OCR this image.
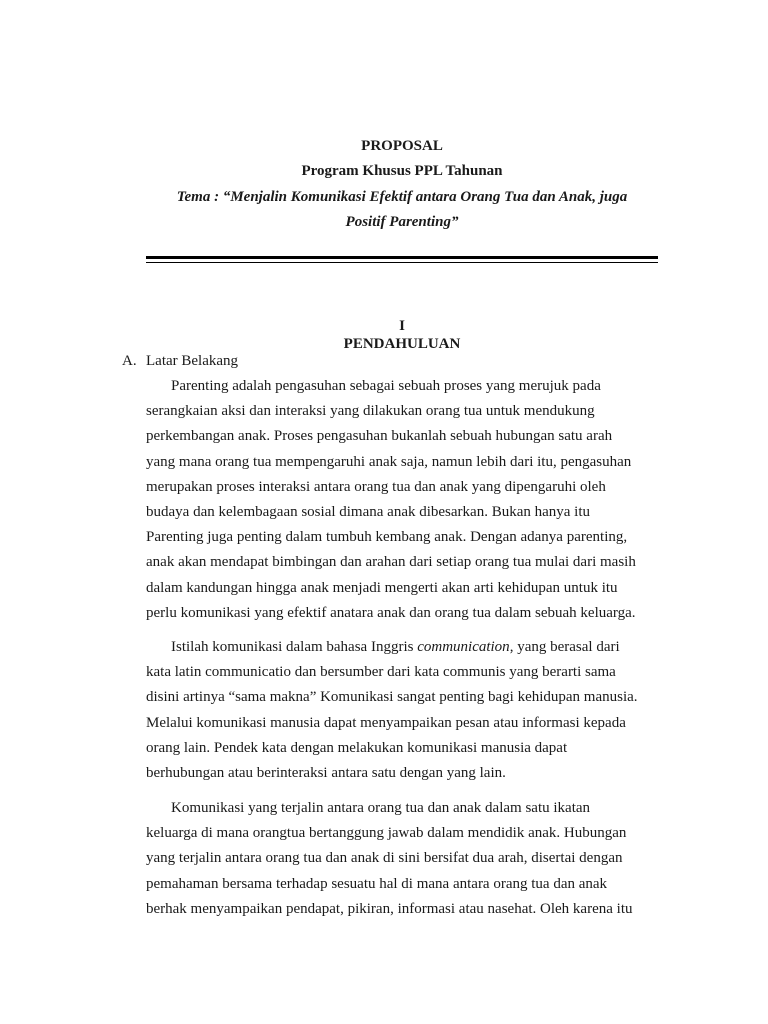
PROPOSAL

Program Khusus PPL Tahunan

Tema : “Menjalin Komunikasi Efektif antara Orang Tua dan Anak, juga

Positif Parenting”

I

PENDAHULUAN

A. Latar Belakang

Parenting adalah pengasuhan sebagai sebuah proses yang merujuk pada
serangkaian aksi dan interaksi yang dilakukan orang tua untuk mendukung
perkembangan anak. Proses pengasuhan bukanlah sebuah hubungan satu arah
yang mana orang tua mempengaruhi anak saja, namun lebih dari itu, pengasuhan
merupakan proses interaksi antara orang tua dan anak yang dipengaruhi oleh
budaya dan kelembagaan sosial dimana anak dibesarkan. Bukan hanya itu
Parenting juga penting dalam tumbuh kembang anak. Dengan adanya parenting,
anak akan mendapat bimbingan dan arahan dari setiap orang tua mulai dari masih
dalam kandungan hingga anak menjadi mengerti akan arti kehidupan untuk itu
perlu komunikasi yang efektif anatara anak dan orang tua dalam sebuah keluarga.
Istilah komunikasi dalam bahasa Inggris communication, yang berasal dari
kata latin communicatio dan bersumber dari kata communis yang berarti sama
disini artinya “sama makna” Komunikasi sangat penting bagi kehidupan manusia.
Melalui komunikasi manusia dapat menyampaikan pesan atau informasi kepada
orang lain. Pendek kata dengan melakukan komunikasi manusia dapat
berhubungan atau berinteraksi antara satu dengan yang lain.
Komunikasi yang terjalin antara orang tua dan anak dalam satu ikatan
keluarga di mana orangtua bertanggung jawab dalam mendidik anak. Hubungan
yang terjalin antara orang tua dan anak di sini bersifat dua arah, disertai dengan
pemahaman bersama terhadap sesuatu hal di mana antara orang tua dan anak
berhak menyampaikan pendapat, pikiran, informasi atau nasehat. Oleh karena itu
